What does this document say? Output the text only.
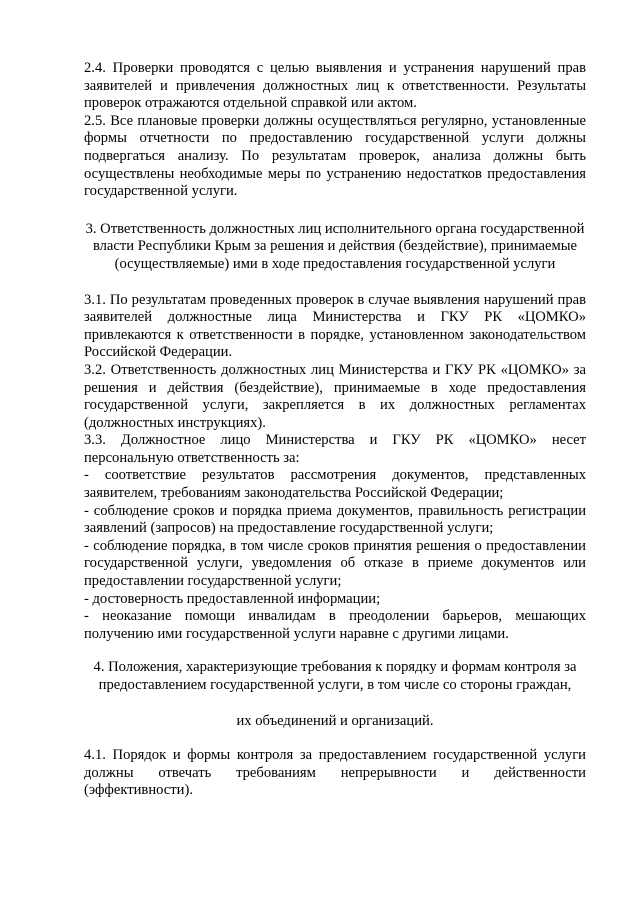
2.4. Проверки проводятся с целью выявления и устранения нарушений прав заявителей и привлечения должностных лиц к ответственности. Результаты проверок отражаются отдельной справкой или актом.

2.5. Все плановые проверки должны осуществляться регулярно, установленные формы отчетности по предоставлению государственной услуги должны подвергаться анализу. По результатам проверок, анализа должны быть осуществлены необходимые меры по устранению недостатков предоставления государственной услуги.

3. Ответственность должностных лиц исполнительного органа государственной власти Республики Крым за решения и действия (бездействие), принимаемые (осуществляемые) ими в ходе предоставления государственной услуги

3.1. По результатам проведенных проверок в случае выявления нарушений прав заявителей должностные лица Министерства и ГКУ РК «ЦОМКО» привлекаются к ответственности в порядке, установленном законодательством Российской Федерации.

3.2. Ответственность должностных лиц Министерства и ГКУ РК «ЦОМКО» за решения и действия (бездействие), принимаемые в ходе предоставления государственной услуги, закрепляется в их должностных регламентах (должностных инструкциях).

3.3. Должностное лицо Министерства и ГКУ РК «ЦОМКО» несет персональную ответственность за:

- соответствие результатов рассмотрения документов, представленных заявителем, требованиям законодательства Российской Федерации;

- соблюдение сроков и порядка приема документов, правильность регистрации заявлений (запросов) на предоставление государственной услуги;

- соблюдение порядка, в том числе сроков принятия решения о предоставлении государственной услуги, уведомления об отказе в приеме документов или предоставлении государственной услуги;

- достоверность предоставленной информации;

- неоказание помощи инвалидам в преодолении барьеров, мешающих получению ими государственной услуги наравне с другими лицами.

4. Положения, характеризующие требования к порядку и формам контроля за предоставлением государственной услуги, в том числе со стороны граждан,

их объединений и организаций.

4.1. Порядок и формы контроля за предоставлением государственной услуги должны отвечать требованиям непрерывности и действенности (эффективности).
